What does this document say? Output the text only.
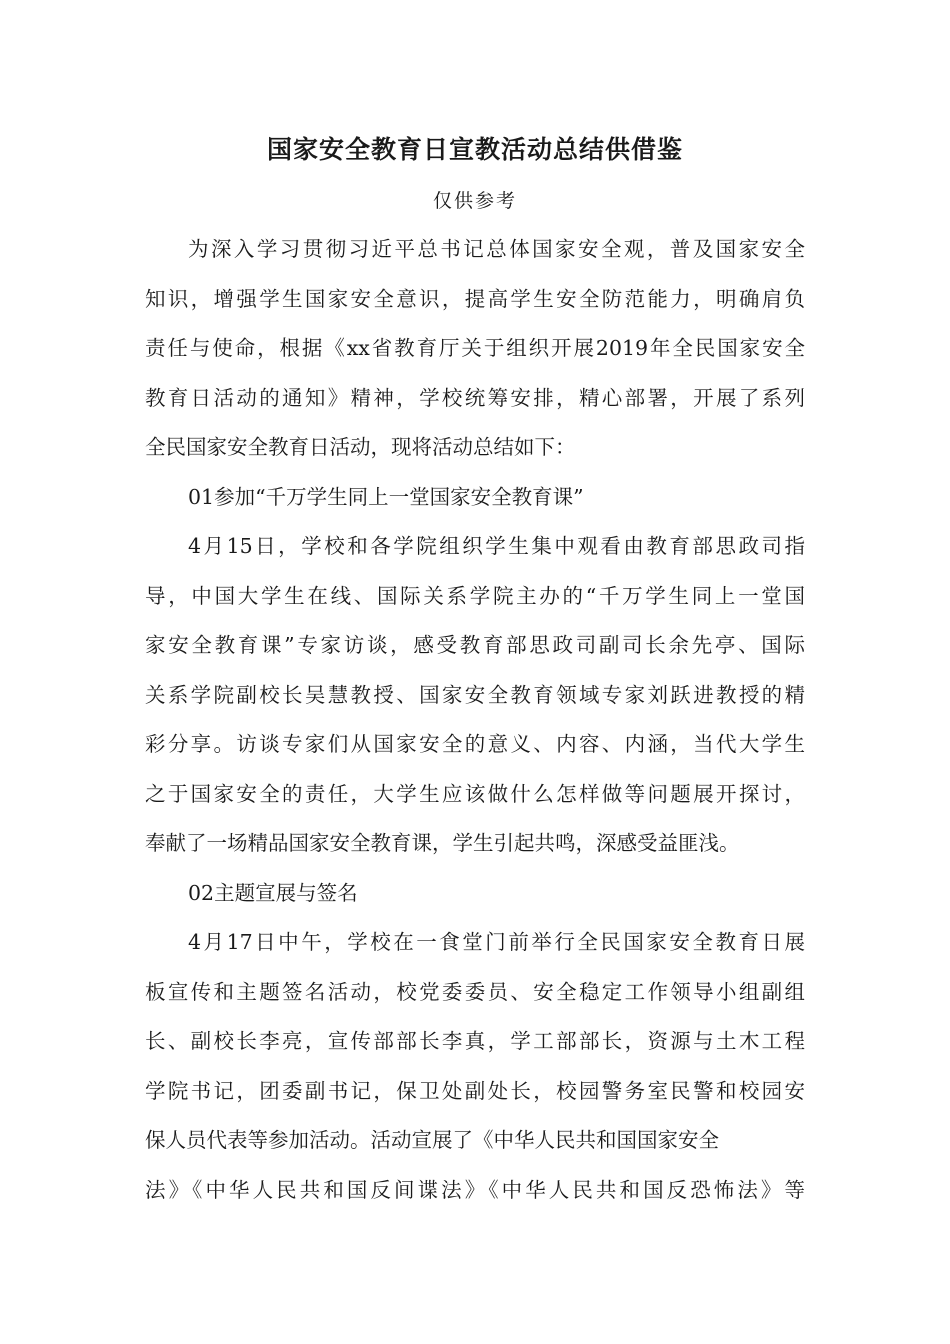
国家安全教育日宣教活动总结供借鉴
仅供参考
为深入学习贯彻习近平总书记总体国家安全观，普及国家安全
知识，增强学生国家安全意识，提高学生安全防范能力，明确肩负
责任与使命，根据《xx省教育厅关于组织开展2019年全民国家安全
教育日活动的通知》精神，学校统筹安排，精心部署，开展了系列
全民国家安全教育日活动，现将活动总结如下：
01参加“千万学生同上一堂国家安全教育课”
4月15日，学校和各学院组织学生集中观看由教育部思政司指
导，中国大学生在线、国际关系学院主办的“千万学生同上一堂国
家安全教育课”专家访谈，感受教育部思政司副司长余先亭、国际
关系学院副校长吴慧教授、国家安全教育领域专家刘跃进教授的精
彩分享。访谈专家们从国家安全的意义、内容、内涵，当代大学生
之于国家安全的责任，大学生应该做什么怎样做等问题展开探讨，
奉献了一场精品国家安全教育课，学生引起共鸣，深感受益匪浅。
02主题宣展与签名
4月17日中午，学校在一食堂门前举行全民国家安全教育日展
板宣传和主题签名活动，校党委委员、安全稳定工作领导小组副组
长、副校长李亮，宣传部部长李真，学工部部长，资源与土木工程
学院书记，团委副书记，保卫处副处长，校园警务室民警和校园安
保人员代表等参加活动。活动宣展了《中华人民共和国国家安全
法》《中华人民共和国反间谍法》《中华人民共和国反恐怖法》等
